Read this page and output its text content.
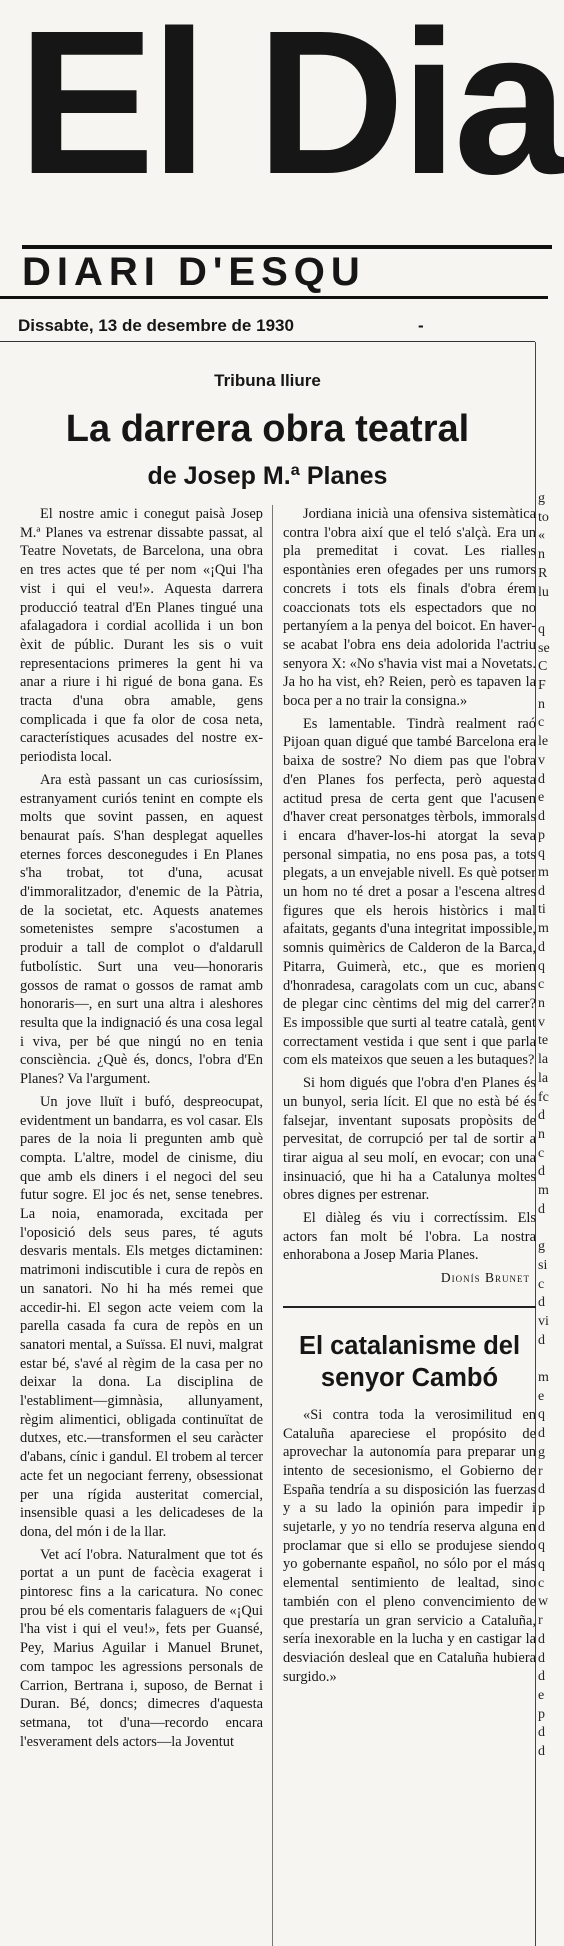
El Dia
DIARI D'ESQU
Dissabte, 13 de desembre de 1930	-
Tribuna lliure
La darrera obra teatral
de Josep M.ª Planes

El nostre amic i conegut paisà Josep M.ª Planes va estrenar dissabte passat, al Teatre Novetats, de Barcelona, una obra en tres actes que té per nom «¡Qui l'ha vist i qui el veu!». Aquesta darrera producció teatral d'En Planes tingué una afalagadora i cordial acollida i un bon èxit de públic. Durant les sis o vuit representacions primeres la gent hi va anar a riure i hi rigué de bona gana. Es tracta d'una obra amable, gens complicada i que fa olor de cosa neta, característiques acusades del nostre ex-periodista local.

Ara està passant un cas curiosíssim, estranyament curiós tenint en compte els molts que sovint passen, en aquest benaurat país. S'han desplegat aquelles eternes forces desconegudes i En Planes s'ha trobat, tot d'una, acusat d'immoralitzador, d'enemic de la Pàtria, de la societat, etc. Aquests anatemes sometenistes sempre s'acostumen a produir a tall de complot o d'aldarull futbolístic. Surt una veu—honoraris gossos de ramat o gossos de ramat amb honoraris—, en surt una altra i aleshores resulta que la indignació és una cosa legal i viva, per bé que ningú no en tenia consciència. ¿Què és, doncs, l'obra d'En Planes? Va l'argument.

Un jove lluït i bufó, despreocupat, evidentment un bandarra, es vol casar. Els pares de la noia li pregunten amb què compta. L'altre, model de cinisme, diu que amb els diners i el negoci del seu futur sogre. El joc és net, sense tenebres. La noia, enamorada, excitada per l'oposició dels seus pares, té aguts desvaris mentals. Els metges dictaminen: matrimoni indiscutible i cura de repòs en un sanatori. No hi ha més remei que accedir-hi. El segon acte veiem com la parella casada fa cura de repòs en un sanatori mental, a Suïssa. El nuvi, malgrat estar bé, s'avé al règim de la casa per no deixar la dona. La disciplina de l'establiment—gimnàsia, allunyament, règim alimentici, obligada continuïtat de dutxes, etc.—transformen el seu caràcter d'abans, cínic i gandul. El trobem al tercer acte fet un negociant ferreny, obsessionat per una rígida austeritat comercial, insensible quasi a les delicadeses de la dona, del món i de la llar.

Vet ací l'obra. Naturalment que tot és portat a un punt de facècia exagerat i pintoresc fins a la caricatura. No conec prou bé els comentaris falaguers de «¡Qui l'ha vist i qui el veu!», fets per Guansé, Pey, Marius Aguilar i Manuel Brunet, com tampoc les agressions personals de Carrion, Bertrana i, suposo, de Bernat i Duran. Bé, doncs; dimecres d'aquesta setmana, tot d'una—recordo encara l'esverament dels actors—la Joventut

Jordiana inicià una ofensiva sistemàtica contra l'obra així que el teló s'alçà. Era un pla premeditat i covat. Les rialles espontànies eren ofegades per uns rumors concrets i tots els finals d'obra érem coaccionats tots els espectadors que no pertanyíem a la penya del boicot. En haver-se acabat l'obra ens deia adolorida l'actriu senyora X: «No s'havia vist mai a Novetats. Ja ho ha vist, eh? Reien, però es tapaven la boca per a no trair la consigna.»

Es lamentable. Tindrà realment raó Pijoan quan digué que també Barcelona era baixa de sostre? No diem pas que l'obra d'en Planes fos perfecta, però aquesta actitud presa de certa gent que l'acusen d'haver creat personatges tèrbols, immorals i encara d'haver-los-hi atorgat la seva personal simpatia, no ens posa pas, a tots plegats, a un envejable nivell. Es què potser un hom no té dret a posar a l'escena altres figures que els herois històrics i mal afaitats, gegants d'una integritat impossible, somnis quimèrics de Calderon de la Barca, Pitarra, Guimerà, etc., que es morien d'honradesa, caragolats com un cuc, abans de plegar cinc cèntims del mig del carrer? Es impossible que surti al teatre català, gent correctament vestida i que sent i que parla com els mateixos que seuen a les butaques?

Si hom digués que l'obra d'en Planes és un bunyol, seria lícit. El que no està bé és falsejar, inventant suposats propòsits de pervesitat, de corrupció per tal de sortir a tirar aigua al seu molí, en evocar; con una insinuació, que hi ha a Catalunya moltes obres dignes per estrenar.

El diàleg és viu i correctíssim. Els actors fan molt bé l'obra. La nostra enhorabona a Josep Maria Planes.

Dionís Brunet
El catalanisme del senyor Cambó

«Si contra toda la verosimilitud en Cataluña apareciese el propósito de aprovechar la autonomía para preparar un intento de secesionismo, el Gobierno de España tendría a su disposición las fuerzas y a su lado la opinión para impedir i sujetarle, y yo no tendría reserva alguna en proclamar que si ello se produjese siendo yo gobernante español, no sólo por el más elemental sentimiento de lealtad, sino también con el pleno convencimiento de que prestaría un gran servicio a Cataluña, sería inexorable en la lucha y en castigar la desviación desleal que en Cataluña hubiera surgido.»

g
to
«
n
R
lu

q
se
C
F
n
c
le
v
d
e
d
p
q
m
d
ti
m
d
q
c
n
v
te
la
la
fc
d
n
c
d
m
d

g
si
c
d
vi
d

m
e
q
d
g
r
d
p
d
q
q
c
w
r
d
d
d
e
p
d
d
